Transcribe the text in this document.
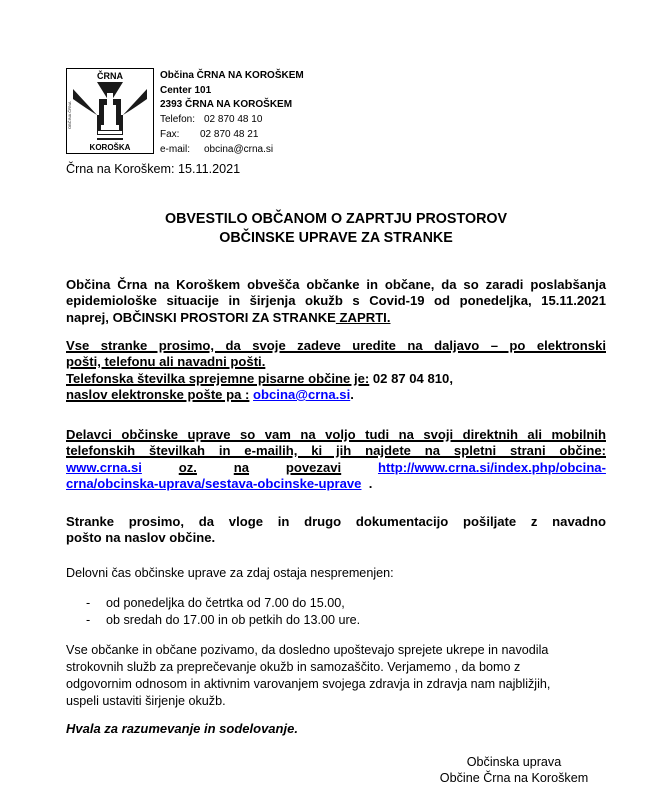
ČRNA
KOROŠKA
OBČINA ČRNA
Občina ČRNA NA KOROŠKEM
Center 101
2393 ČRNA NA KOROŠKEM
Telefon: 02 870 48 10
Fax:	02 870 48 21
e-mail:	obcina@crna.si
Črna na Koroškem: 15.11.2021
OBVESTILO OBČANOM O ZAPRTJU PROSTOROV
OBČINSKE UPRAVE ZA STRANKE
Občina Črna na Koroškem obvešča občanke in občane, da so zaradi poslabšanja
epidemiološke situacije in širjenja okužb s Covid-19 od ponedeljka, 15.11.2021
naprej, OBČINSKI PROSTORI ZA STRANKE ZAPRTI.
Vse stranke prosimo, da svoje zadeve uredite na daljavo – po elektronski
pošti, telefonu ali navadni pošti.
Telefonska številka sprejemne pisarne občine je: 02 87 04 810,
naslov elektronske pošte pa : obcina@crna.si.
Delavci občinske uprave so vam na voljo tudi na svoji direktnih ali mobilnih
telefonskih številkah in e-mailih, ki jih najdete na spletni strani občine:
www.crna.si	oz.	na	povezavi	http://www.crna.si/index.php/obcina-
crna/obcinska-uprava/sestava-obcinske-uprave .
Stranke prosimo, da vloge in drugo dokumentacijo pošiljate z navadno
pošto na naslov občine.
Delovni čas občinske uprave za zdaj ostaja nespremenjen:
-	od ponedeljka do četrtka od 7.00 do 15.00,
-	ob sredah do 17.00 in ob petkih do 13.00 ure.
Vse občanke in občane pozivamo, da dosledno upoštevajo sprejete ukrepe in navodila
strokovnih služb za preprečevanje okužb in samozaščito. Verjamemo , da bomo z
odgovornim odnosom in aktivnim varovanjem svojega zdravja in zdravja nam najbližjih,
uspeli ustaviti širjenje okužb.
Hvala za razumevanje in sodelovanje.
Občinska uprava
Občine Črna na Koroškem
